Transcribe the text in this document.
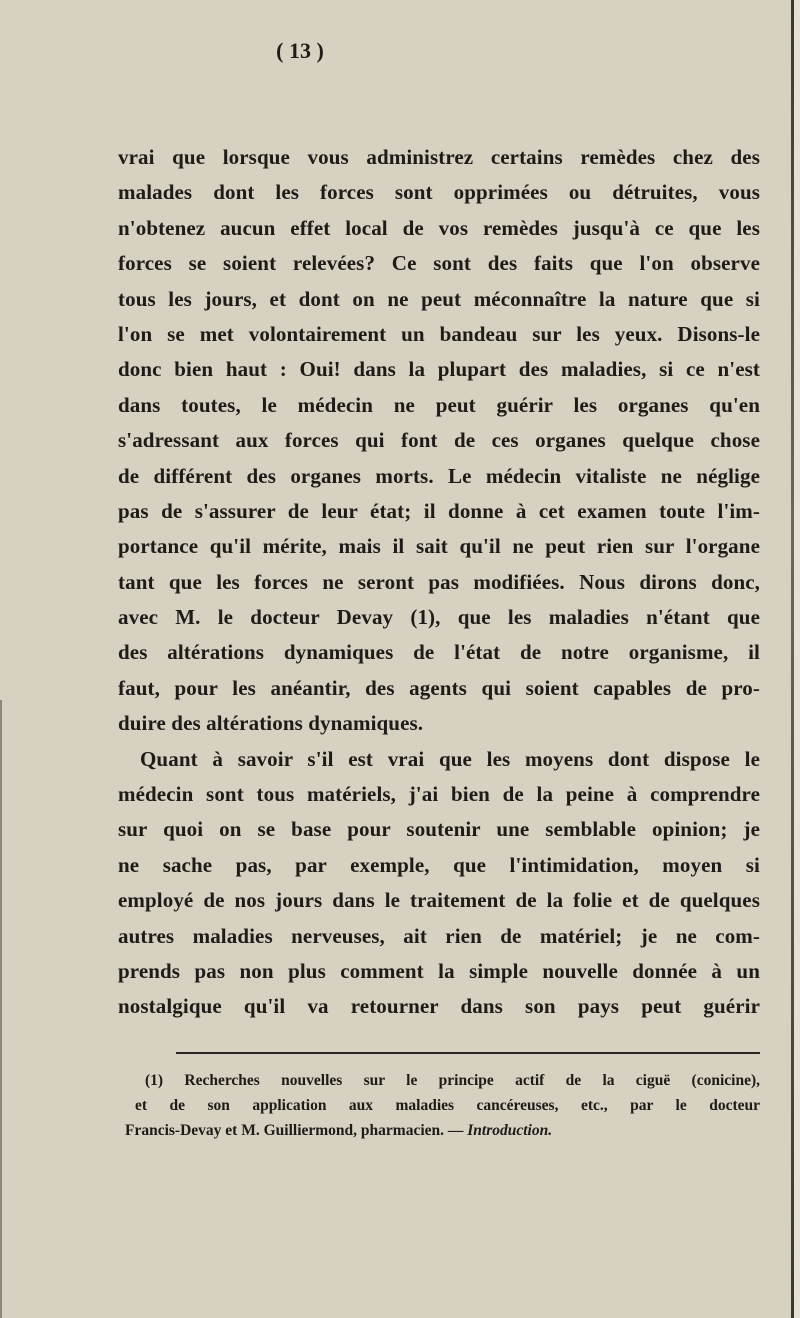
( 13 )
vrai que lorsque vous administrez certains remèdes chez des
malades dont les forces sont opprimées ou détruites, vous
n'obtenez aucun effet local de vos remèdes jusqu'à ce que les
forces se soient relevées? Ce sont des faits que l'on observe
tous les jours, et dont on ne peut méconnaître la nature que si
l'on se met volontairement un bandeau sur les yeux. Disons-le
donc bien haut : Oui! dans la plupart des maladies, si ce n'est
dans toutes, le médecin ne peut guérir les organes qu'en
s'adressant aux forces qui font de ces organes quelque chose
de différent des organes morts. Le médecin vitaliste ne néglige
pas de s'assurer de leur état; il donne à cet examen toute l'im-
portance qu'il mérite, mais il sait qu'il ne peut rien sur l'organe
tant que les forces ne seront pas modifiées. Nous dirons donc,
avec M. le docteur Devay (1), que les maladies n'étant que
des altérations dynamiques de l'état de notre organisme, il
faut, pour les anéantir, des agents qui soient capables de pro-
duire des altérations dynamiques.
Quant à savoir s'il est vrai que les moyens dont dispose le
médecin sont tous matériels, j'ai bien de la peine à comprendre
sur quoi on se base pour soutenir une semblable opinion; je
ne sache pas, par exemple, que l'intimidation, moyen si
employé de nos jours dans le traitement de la folie et de quelques
autres maladies nerveuses, ait rien de matériel; je ne com-
prends pas non plus comment la simple nouvelle donnée à un
nostalgique qu'il va retourner dans son pays peut guérir
(1) Recherches nouvelles sur le principe actif de la ciguë (conicine),
et de son application aux maladies cancéreuses, etc., par le docteur
Francis-Devay et M. Guilliermond, pharmacien. — Introduction.
